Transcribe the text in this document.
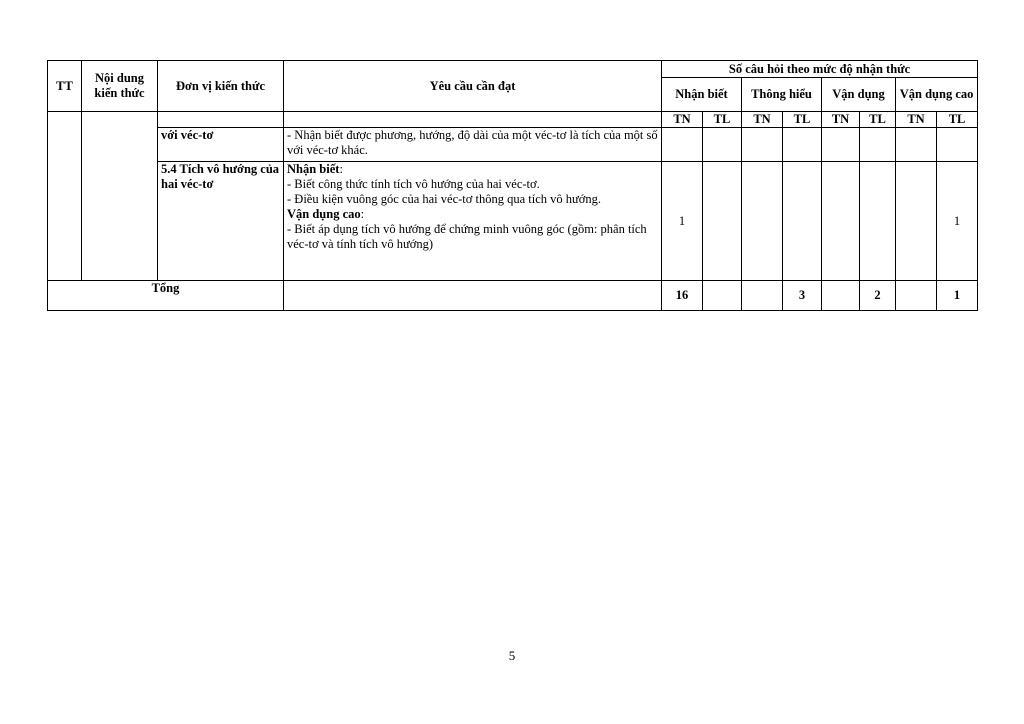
TT	Nội dung kiến thức	Đơn vị kiến thức	Yêu cầu cần đạt	Số câu hỏi theo mức độ nhận thức							
				Nhận biết		Thông hiểu		Vận dụng		Vận dụng cao	
				TN	TL	TN	TL	TN	TL	TN	TL
		với véc-tơ	- Nhận biết được phương, hướng, độ dài của một véc-tơ là tích của một số với véc-tơ khác.								

		5.4 Tích vô hướng của hai véc-tơ	Nhận biết:
- Biết công thức tính tích vô hướng của hai véc-tơ.
- Điều kiện vuông góc của hai véc-tơ thông qua tích vô hướng.
Vận dụng cao:
- Biết áp dụng tích vô hướng để chứng minh vuông góc (gồm: phân tích véc-tơ và tính tích vô hướng)	1							1
Tổng				16			3		2		1
5
